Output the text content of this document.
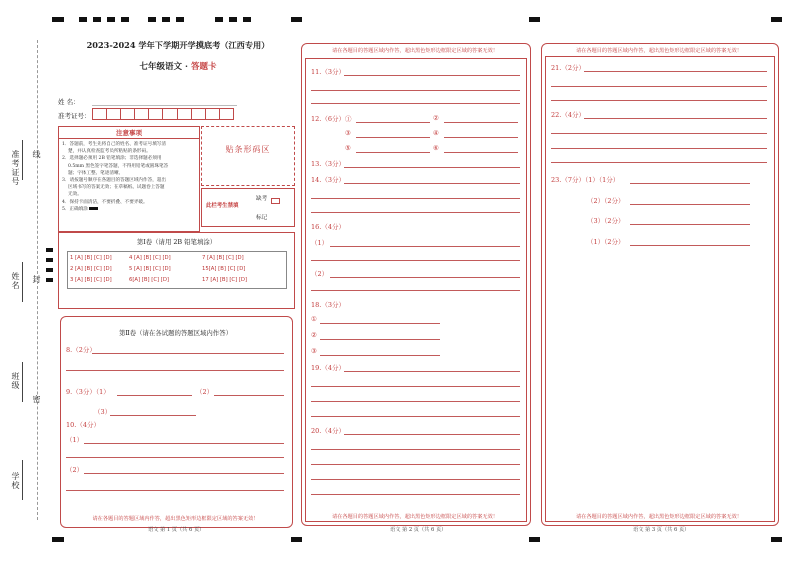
准考证号
姓名
班级
学校
线
封
密
2023-2024 学年下学期开学摸底考（江西专用）
七年级语文 · 答题卡
姓 名：
准考证号：
注意事项
1．答题前，考生先将自己的姓名、准考证号填写清
楚，并认真检查监考员所粘贴的条形码。
2．选择题必须用 2B 铅笔填涂；非选择题必须用
0.5mm 黑色签字笔答题，不得用铅笔或圆珠笔答
题；字体工整、笔迹清晰。
3．请按题号顺序在各题目的答题区域内作答，超出
区域书写的答案无效；在草稿纸、试题卷上答题
无效。
4．保持卡面清洁，不要折叠、不要弄破。
5．正确填涂
贴条形码区
此栏考生禁填
缺考
标记
第Ⅰ卷（请用 2B 铅笔填涂）
1 [A] [B] [C] [D]	4 [A] [B] [C] [D]	7 [A] [B] [C] [D]
2 [A] [B] [C] [D]	5 [A] [B] [C] [D]	15[A] [B] [C] [D]
3 [A] [B] [C] [D]	6[A] [B] [C] [D]	17 [A] [B] [C] [D]
第Ⅱ卷（请在各试题的答题区域内作答）
8.（2分）
9.（3分）（1）	（2）
（3）
10.（4分）
（1）
（2）
请在各题目的答题区域内作答，超出黑色矩形边框限定区域的答案无效！
语文 第 1 页（共 6 页）
请在各题目的答题区域内作答，超出黑色矩形边框限定区域的答案无效！
11.（3分）
12.（6分）①	②
③	④
⑤	⑥
13.（3分）
14.（3分）
16.（4分）
（1）
（2）
18.（3分）
①
②
③
19.（4分）
20.（4分）
请在各题目的答题区域内作答，超出黑色矩形边框限定区域的答案无效！
语文 第 2 页（共 6 页）
请在各题目的答题区域内作答，超出黑色矩形边框限定区域的答案无效！
21.（2分）
22.（4分）
23.（7分）（1）（1分）
（2）（2分）
（3）（2分）
（1）（2分）
请在各题目的答题区域内作答，超出黑色矩形边框限定区域的答案无效！
语文 第 3 页（共 6 页）
